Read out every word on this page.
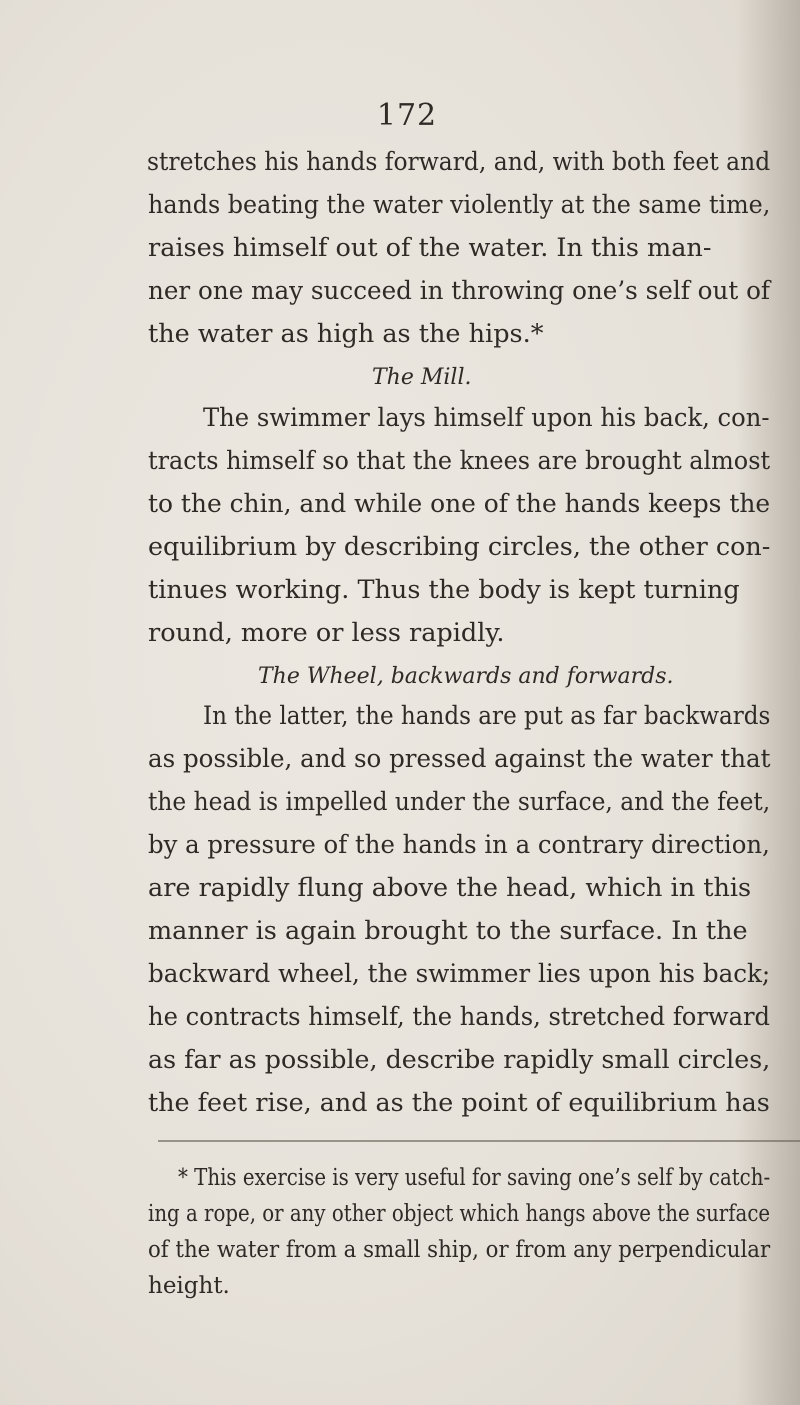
172
stretches his hands forward, and, with both feet and
hands beating the water violently at the same time,
raises himself out of the water. In this man-
ner one may succeed in throwing one’s self out of
the water as high as the hips.*
The Mill.
The swimmer lays himself upon his back, con-
tracts himself so that the knees are brought almost
to the chin, and while one of the hands keeps the
equilibrium by describing circles, the other con-
tinues working. Thus the body is kept turning
round, more or less rapidly.
The Wheel, backwards and forwards.
In the latter, the hands are put as far backwards
as possible, and so pressed against the water that
the head is impelled under the surface, and the feet,
by a pressure of the hands in a contrary direction,
are rapidly flung above the head, which in this
manner is again brought to the surface. In the
backward wheel, the swimmer lies upon his back;
he contracts himself, the hands, stretched forward
as far as possible, describe rapidly small circles,
the feet rise, and as the point of equilibrium has
* This exercise is very useful for saving one’s self by catch-
ing a rope, or any other object which hangs above the surface
of the water from a small ship, or from any perpendicular
height.
